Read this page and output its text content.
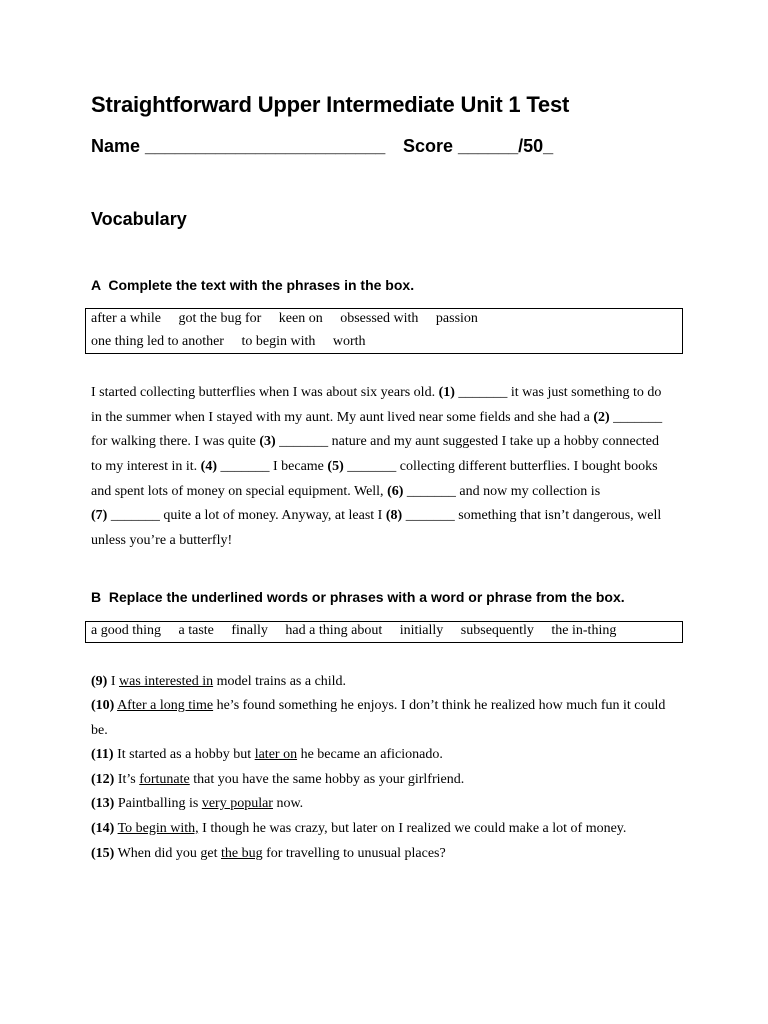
Straightforward Upper Intermediate Unit 1 Test
Name ________________________ Score ______/50_
Vocabulary
A  Complete the text with the phrases in the box.
after a while got the bug for keen on obsessed with passion
one thing led to another to begin with worth
I started collecting butterflies when I was about six years old. (1) _______ it was just something to do
in the summer when I stayed with my aunt. My aunt lived near some fields and she had a (2) _______
for walking there. I was quite (3) _______ nature and my aunt suggested I take up a hobby connected
to my interest in it. (4) _______ I became (5) _______ collecting different butterflies. I bought books
and spent lots of money on special equipment. Well, (6) _______ and now my collection is
(7) _______ quite a lot of money. Anyway, at least I (8) _______ something that isn’t dangerous, well
unless you’re a butterfly!
B  Replace the underlined words or phrases with a word or phrase from the box.
a good thing a taste finally had a thing about initially subsequently the in-thing
(9) I was interested in model trains as a child.
(10) After a long time he’s found something he enjoys. I don’t think he realized how much fun it could
be.
(11) It started as a hobby but later on he became an aficionado.
(12) It’s fortunate that you have the same hobby as your girlfriend.
(13) Paintballing is very popular now.
(14) To begin with, I though he was crazy, but later on I realized we could make a lot of money.
(15) When did you get the bug for travelling to unusual places?
